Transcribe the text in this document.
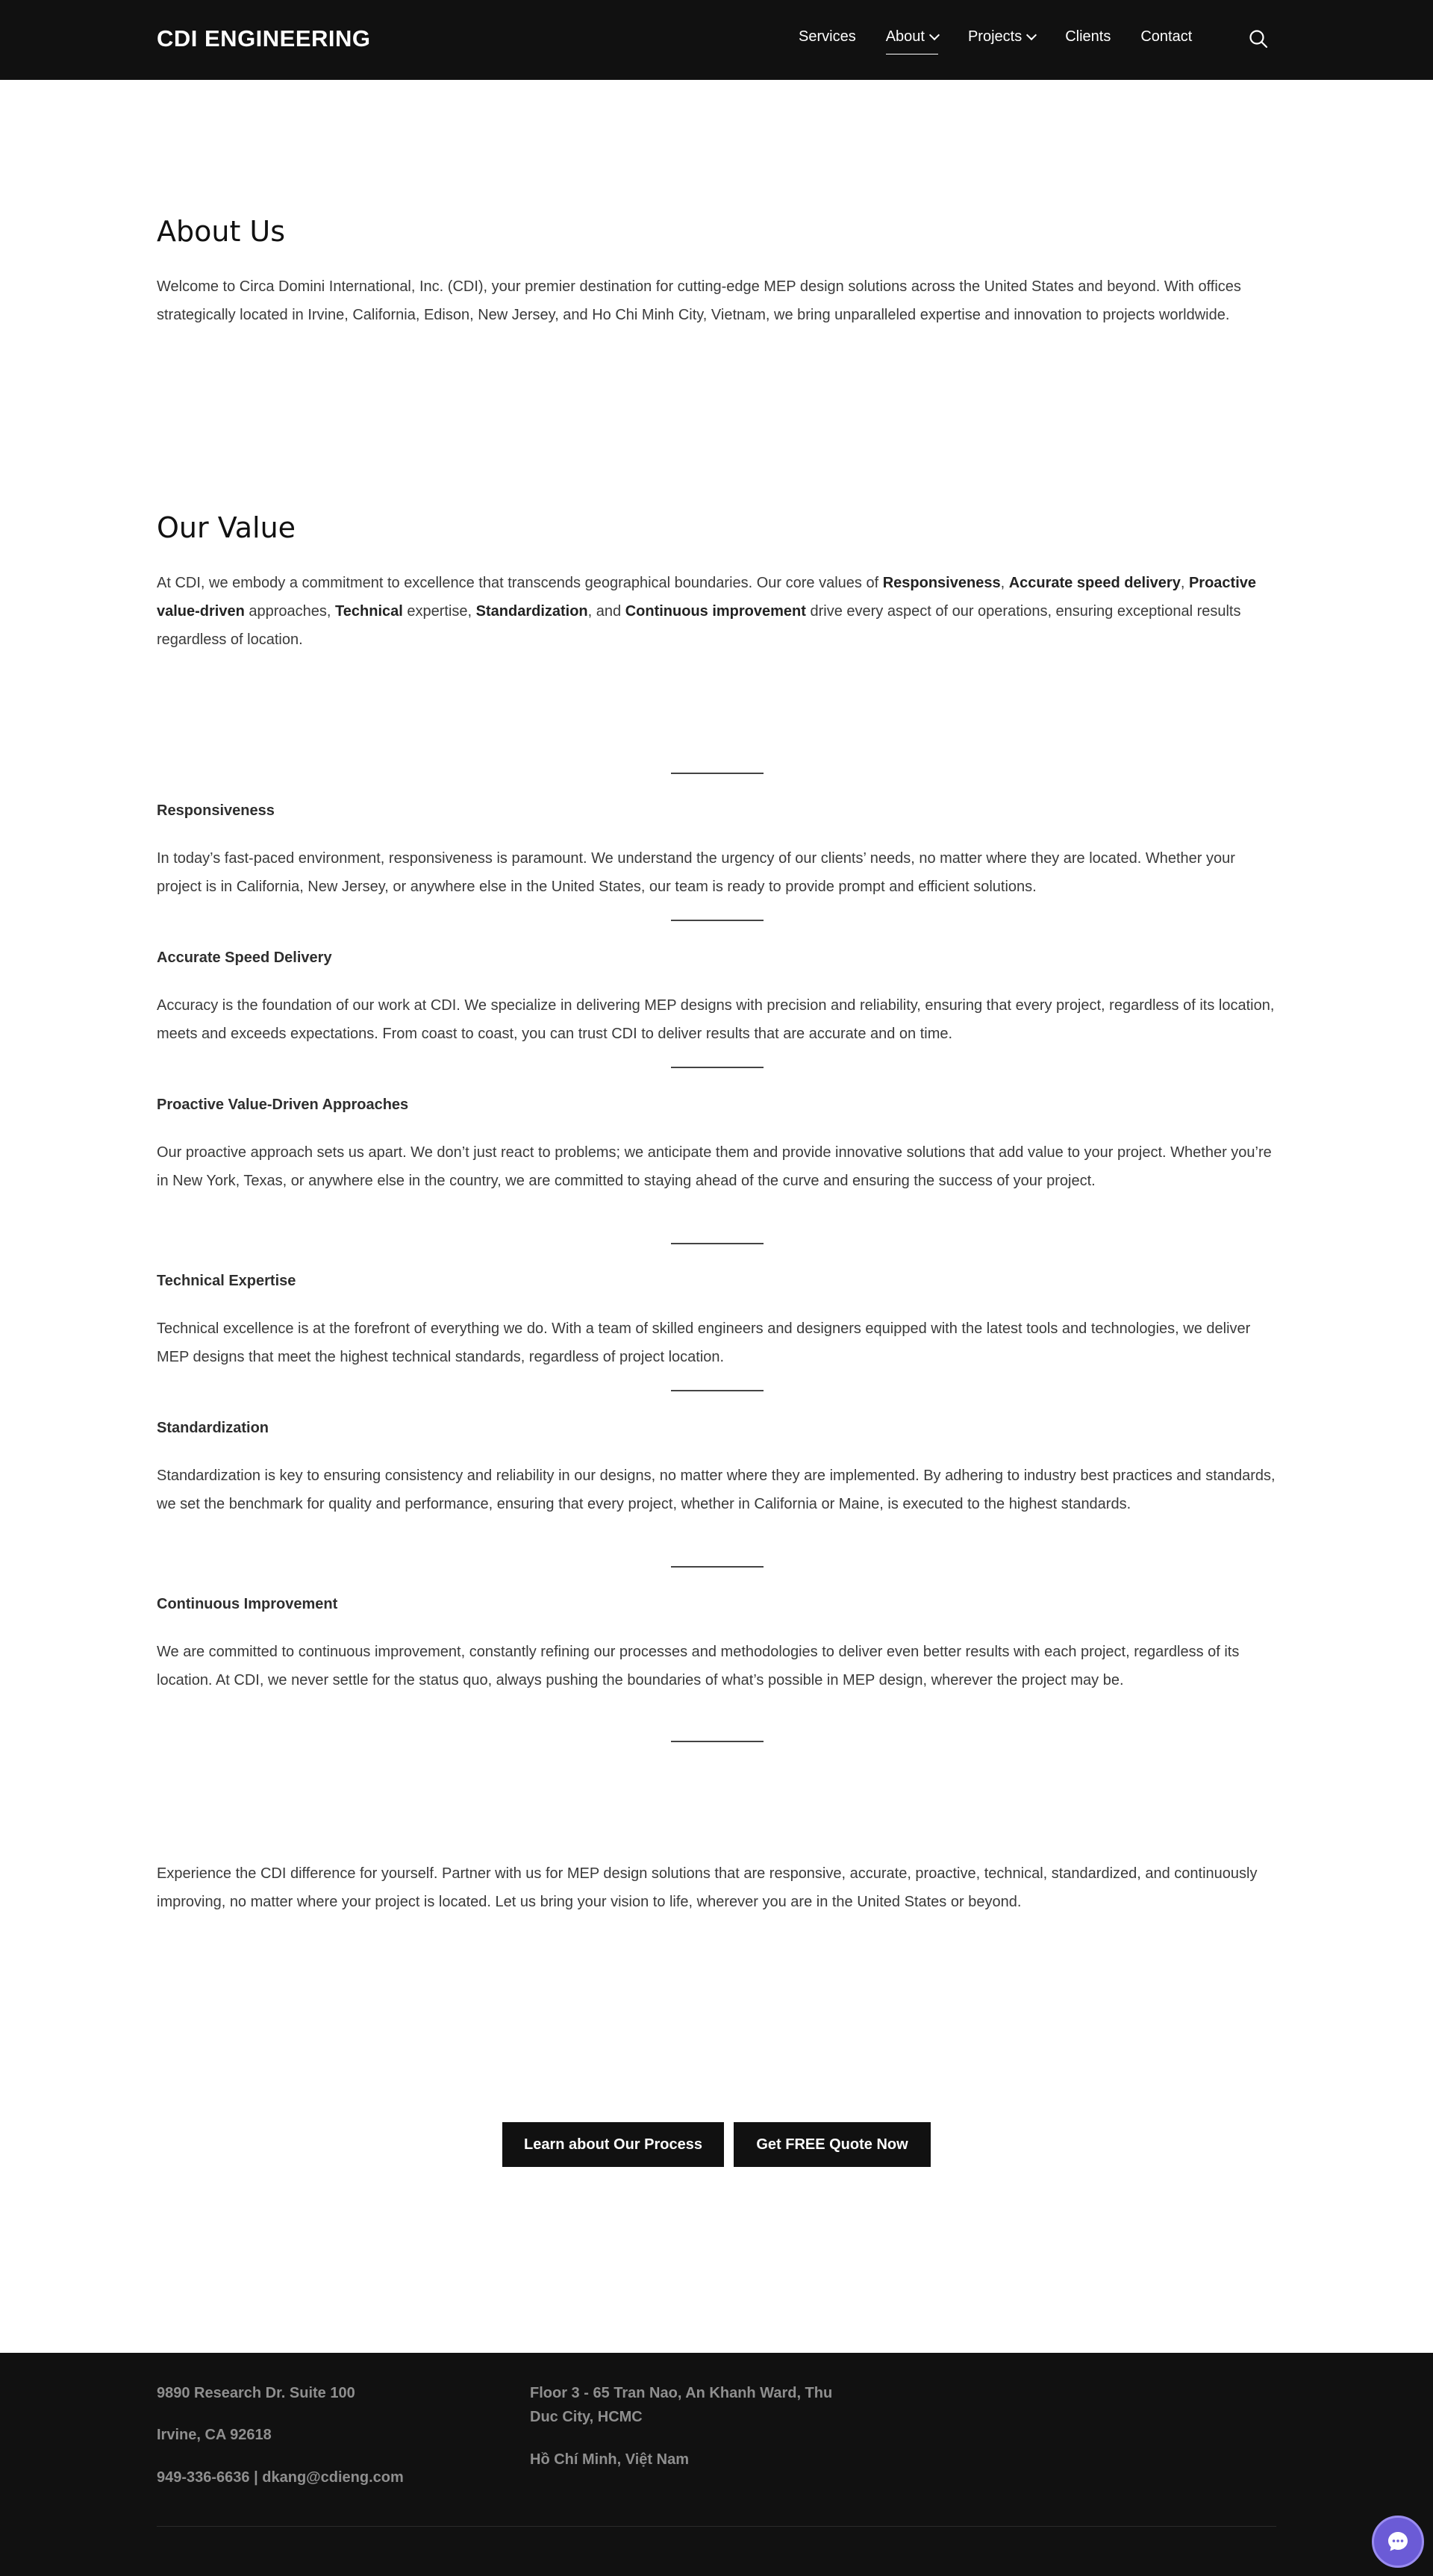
CDI ENGINEERING	Services About	Projects	Clients Contact
About Us

Welcome to Circa Domini International, Inc. (CDI), your premier destination for cutting-edge MEP design solutions across the United States and beyond. With offices strategically located in Irvine, California, Edison, New Jersey, and Ho Chi Minh City, Vietnam, we bring unparalleled expertise and innovation to projects worldwide.

Our Value

At CDI, we embody a commitment to excellence that transcends geographical boundaries. Our core values of Responsiveness, Accurate speed delivery, Proactive value-driven approaches, Technical expertise, Standardization, and Continuous improvement drive every aspect of our operations, ensuring exceptional results regardless of location.

Responsiveness

In today’s fast-paced environment, responsiveness is paramount. We understand the urgency of our clients’ needs, no matter where they are located. Whether your project is in California, New Jersey, or anywhere else in the United States, our team is ready to provide prompt and efficient solutions.

Accurate Speed Delivery

Accuracy is the foundation of our work at CDI. We specialize in delivering MEP designs with precision and reliability, ensuring that every project, regardless of its location, meets and exceeds expectations. From coast to coast, you can trust CDI to deliver results that are accurate and on time.

Proactive Value-Driven Approaches

Our proactive approach sets us apart. We don’t just react to problems; we anticipate them and provide innovative solutions that add value to your project. Whether you’re in New York, Texas, or anywhere else in the country, we are committed to staying ahead of the curve and ensuring the success of your project.

Technical Expertise

Technical excellence is at the forefront of everything we do. With a team of skilled engineers and designers equipped with the latest tools and technologies, we deliver MEP designs that meet the highest technical standards, regardless of project location.

Standardization

Standardization is key to ensuring consistency and reliability in our designs, no matter where they are implemented. By adhering to industry best practices and standards, we set the benchmark for quality and performance, ensuring that every project, whether in California or Maine, is executed to the highest standards.

Continuous Improvement

We are committed to continuous improvement, constantly refining our processes and methodologies to deliver even better results with each project, regardless of its location. At CDI, we never settle for the status quo, always pushing the boundaries of what’s possible in MEP design, wherever the project may be.

Experience the CDI difference for yourself. Partner with us for MEP design solutions that are responsive, accurate, proactive, technical, standardized, and continuously improving, no matter where your project is located. Let us bring your vision to life, wherever you are in the United States or beyond.

Learn about Our Process	Get FREE Quote Now
9890 Research Dr. Suite 100
Irvine, CA 92618
949-336-6636 | dkang@cdieng.com
Floor 3 - 65 Tran Nao, An Khanh Ward, Thu Duc City, HCMC
Hồ Chí Minh, Việt Nam
